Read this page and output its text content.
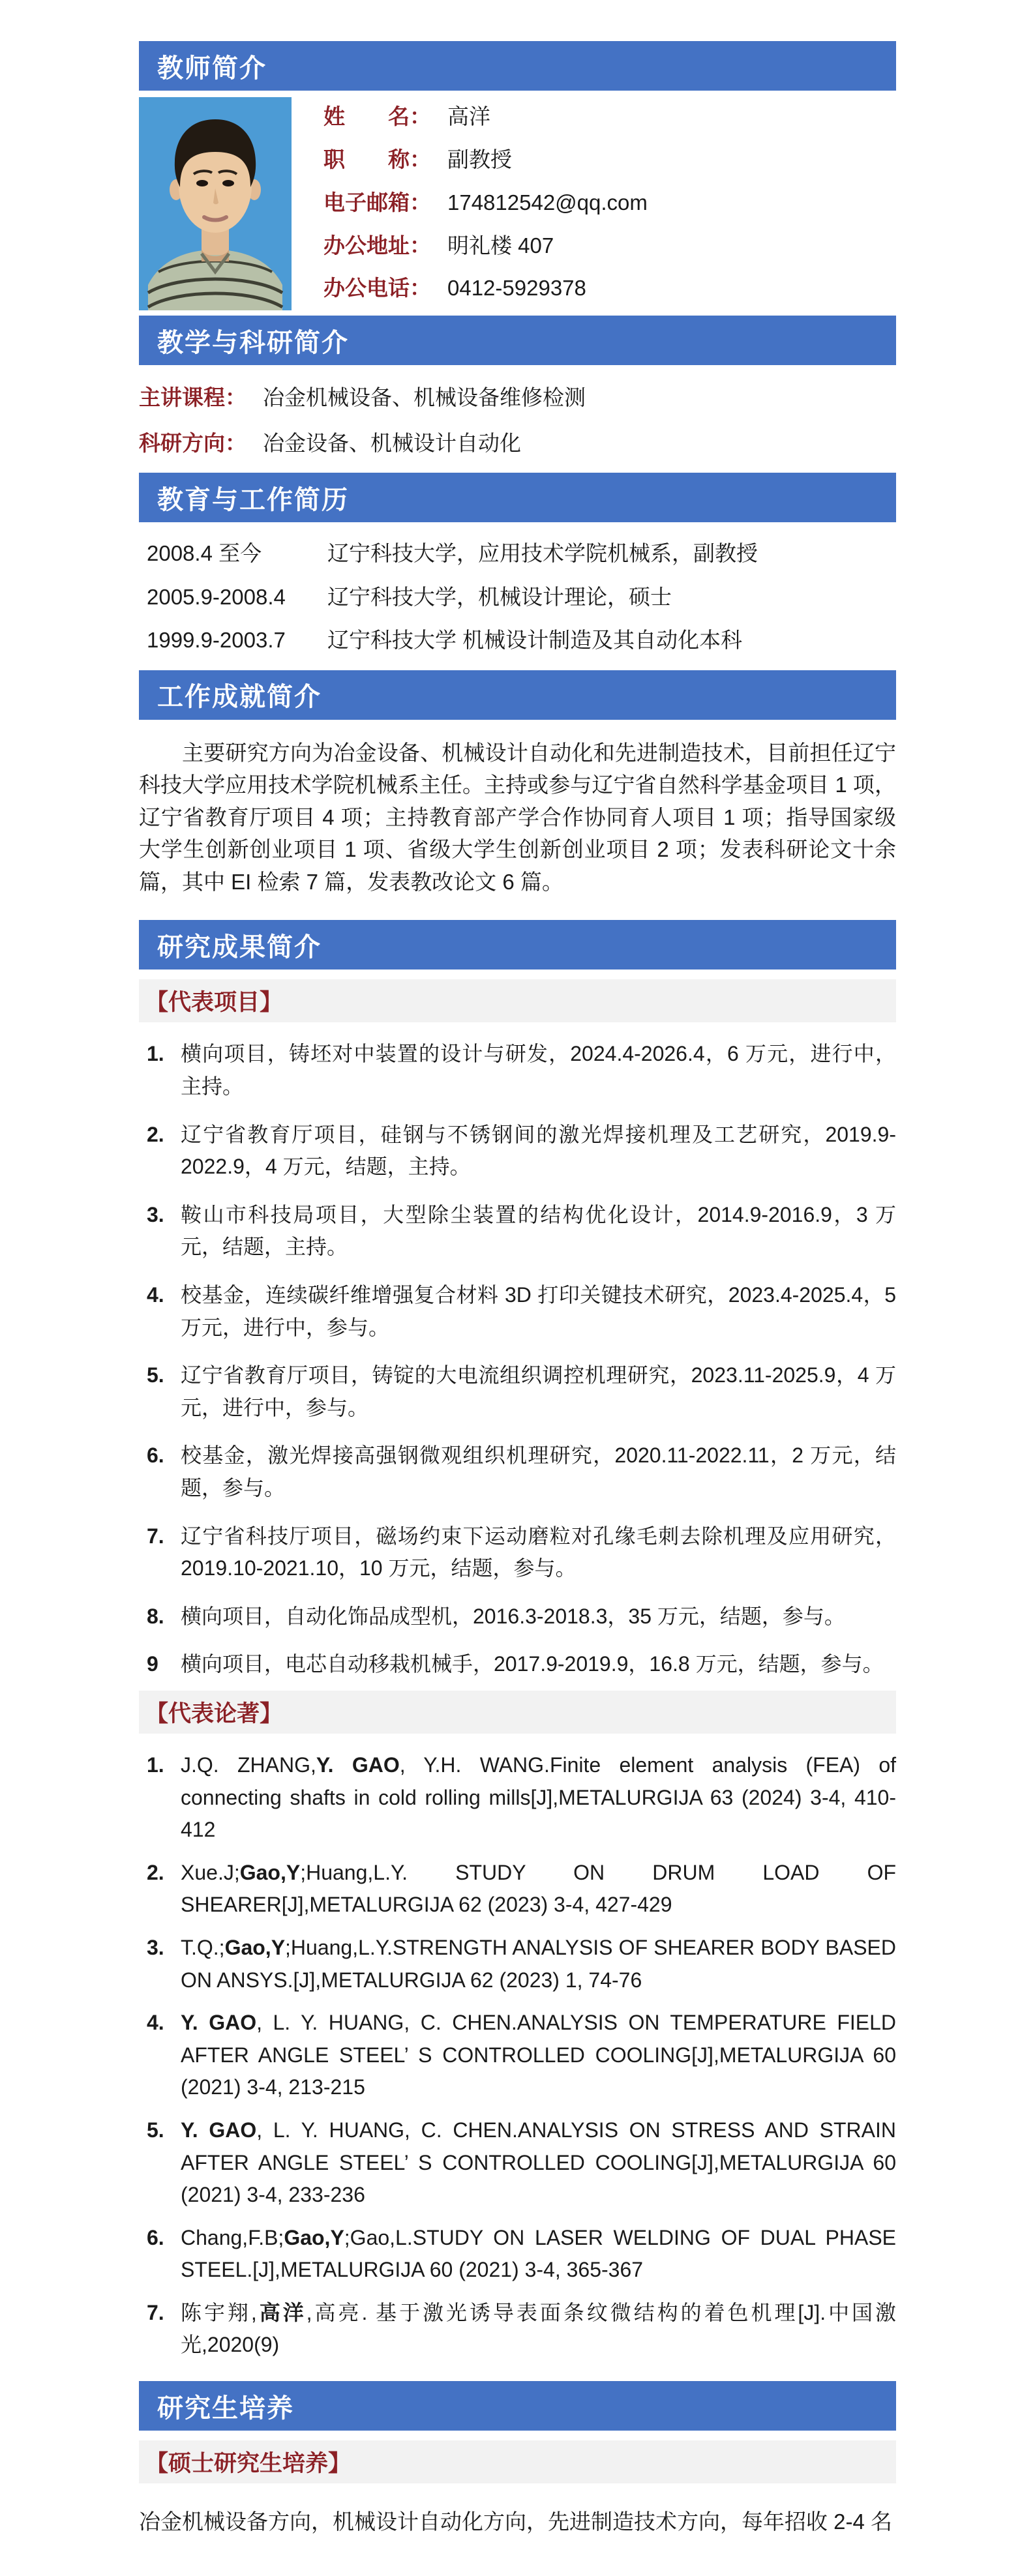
教师简介
姓　　名： 高洋
职　　称： 副教授
电子邮箱： 174812542@qq.com
办公地址： 明礼楼 407
办公电话： 0412-5929378
教学与科研简介
主讲课程： 冶金机械设备、机械设备维修检测
科研方向： 冶金设备、机械设计自动化
教育与工作简历
2008.4 至今	辽宁科技大学，应用技术学院机械系，副教授
2005.9-2008.4	辽宁科技大学，机械设计理论，硕士
1999.9-2003.7	辽宁科技大学 机械设计制造及其自动化本科
工作成就简介

主要研究方向为冶金设备、机械设计自动化和先进制造技术，目前担任辽宁科技大学应用技术学院机械系主任。主持或参与辽宁省自然科学基金项目 1 项，辽宁省教育厅项目 4 项；主持教育部产学合作协同育人项目 1 项；指导国家级大学生创新创业项目 1 项、省级大学生创新创业项目 2 项；发表科研论文十余篇，其中 EI 检索 7 篇，发表教改论文 6 篇。

研究成果简介
【代表项目】
1. 横向项目，铸坯对中装置的设计与研发，2024.4-2026.4，6 万元，进行中，主持。
2. 辽宁省教育厅项目，硅钢与不锈钢间的激光焊接机理及工艺研究，2019.9-2022.9，4 万元，结题，主持。
3. 鞍山市科技局项目，大型除尘装置的结构优化设计，2014.9-2016.9，3 万元，结题，主持。
4. 校基金，连续碳纤维增强复合材料 3D 打印关键技术研究，2023.4-2025.4，5 万元，进行中，参与。
5. 辽宁省教育厅项目，铸锭的大电流组织调控机理研究，2023.11-2025.9，4 万元，进行中，参与。
6. 校基金，激光焊接高强钢微观组织机理研究，2020.11-2022.11，2 万元，结题，参与。
7. 辽宁省科技厅项目，磁场约束下运动磨粒对孔缘毛刺去除机理及应用研究，2019.10-2021.10，10 万元，结题，参与。
8. 横向项目，自动化饰品成型机，2016.3-2018.3，35 万元，结题，参与。
9	横向项目，电芯自动移栽机械手，2017.9-2019.9，16.8 万元，结题，参与。
【代表论著】
1. J.Q. ZHANG,Y. GAO, Y.H. WANG.Finite element analysis (FEA) of connecting shafts in cold rolling mills[J],METALURGIJA 63 (2024) 3-4, 410-412
2. Xue.J;Gao,Y;Huang,L.Y. STUDY ON DRUM LOAD OF SHEARER[J],METALURGIJA 62 (2023) 3-4, 427-429
3. T.Q.;Gao,Y;Huang,L.Y.STRENGTH ANALYSIS OF SHEARER BODY BASED ON ANSYS.[J],METALURGIJA 62 (2023) 1, 74-76
4. Y. GAO, L. Y. HUANG, C. CHEN.ANALYSIS ON TEMPERATURE FIELD AFTER ANGLE STEEL’ S CONTROLLED COOLING[J],METALURGIJA 60 (2021) 3-4, 213-215
5. Y. GAO, L. Y. HUANG, C. CHEN.ANALYSIS ON STRESS AND STRAIN AFTER ANGLE STEEL’ S CONTROLLED COOLING[J],METALURGIJA 60 (2021) 3-4, 233-236
6. Chang,F.B;Gao,Y;Gao,L.STUDY ON LASER WELDING OF DUAL PHASE STEEL.[J],METALURGIJA 60 (2021) 3-4, 365-367
7. 陈宇翔,高洋,高亮. 基于激光诱导表面条纹微结构的着色机理[J].中国激光,2020(9)
研究生培养
【硕士研究生培养】

冶金机械设备方向，机械设计自动化方向，先进制造技术方向，每年招收 2-4 名
